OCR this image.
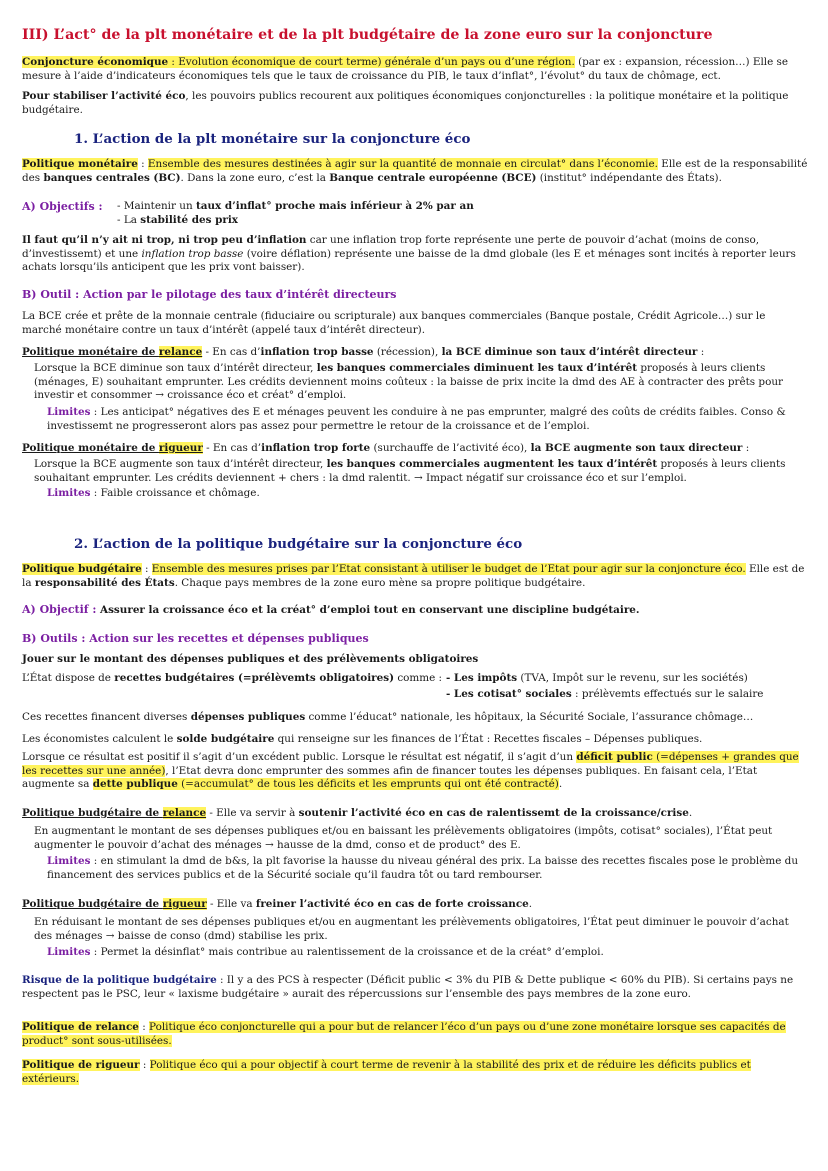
III) L’act° de la plt monétaire et de la plt budgétaire de la zone euro sur la conjoncture
Conjoncture économique : Evolution économique de court terme) générale d’un pays ou d’une région. (par ex : expansion, récession…) Elle se mesure à l’aide d’indicateurs économiques tels que le taux de croissance du PIB, le taux d’inflat°, l’évolut° du taux de chômage, ect.
Pour stabiliser l’activité éco, les pouvoirs publics recourent aux politiques économiques conjoncturelles : la politique monétaire et la politique budgétaire.
1. L’action de la plt monétaire sur la conjoncture éco
Politique monétaire : Ensemble des mesures destinées à agir sur la quantité de monnaie en circulat° dans l’économie. Elle est de la responsabilité des banques centrales (BC). Dans la zone euro, c’est la Banque centrale européenne (BCE) (institut° indépendante des États).
A) Objectifs : - Maintenir un taux d’inflat° proche mais inférieur à 2% par an
- La stabilité des prix
Il faut qu’il n’y ait ni trop, ni trop peu d’inflation car une inflation trop forte représente une perte de pouvoir d’achat (moins de conso, d’investissemt) et une inflation trop basse (voire déflation) représente une baisse de la dmd globale (les E et ménages sont incités à reporter leurs achats lorsqu’ils anticipent que les prix vont baisser).
B) Outil : Action par le pilotage des taux d’intérêt directeurs
La BCE crée et prête de la monnaie centrale (fiduciaire ou scripturale) aux banques commerciales (Banque postale, Crédit Agricole…) sur le marché monétaire contre un taux d’intérêt (appelé taux d’intérêt directeur).
Politique monétaire de relance - En cas d’inflation trop basse (récession), la BCE diminue son taux d’intérêt directeur :
Lorsque la BCE diminue son taux d’intérêt directeur, les banques commerciales diminuent les taux d’intérêt proposés à leurs clients (ménages, E) souhaitant emprunter. Les crédits deviennent moins coûteux : la baisse de prix incite la dmd des AE à contracter des prêts pour investir et consommer → croissance éco et créat° d’emploi.
Limites : Les anticipat° négatives des E et ménages peuvent les conduire à ne pas emprunter, malgré des coûts de crédits faibles. Conso & investissemt ne progresseront alors pas assez pour permettre le retour de la croissance et de l’emploi.
Politique monétaire de rigueur - En cas d’inflation trop forte (surchauffe de l’activité éco), la BCE augmente son taux directeur :
Lorsque la BCE augmente son taux d’intérêt directeur, les banques commerciales augmentent les taux d’intérêt proposés à leurs clients souhaitant emprunter. Les crédits deviennent + chers : la dmd ralentit. → Impact négatif sur croissance éco et sur l’emploi.
Limites : Faible croissance et chômage.
2. L’action de la politique budgétaire sur la conjoncture éco
Politique budgétaire : Ensemble des mesures prises par l’Etat consistant à utiliser le budget de l’Etat pour agir sur la conjoncture éco. Elle est de la responsabilité des États. Chaque pays membres de la zone euro mène sa propre politique budgétaire.
A) Objectif : Assurer la croissance éco et la créat° d’emploi tout en conservant une discipline budgétaire.
B) Outils : Action sur les recettes et dépenses publiques
Jouer sur le montant des dépenses publiques et des prélèvements obligatoires
L’État dispose de recettes budgétaires (=prélèvemts obligatoires) comme : - Les impôts (TVA, Impôt sur le revenu, sur les sociétés)
- Les cotisat° sociales : prélèvemts effectués sur le salaire
Ces recettes financent diverses dépenses publiques comme l’éducat° nationale, les hôpitaux, la Sécurité Sociale, l’assurance chômage…
Les économistes calculent le solde budgétaire qui renseigne sur les finances de l’État : Recettes fiscales – Dépenses publiques.
Lorsque ce résultat est positif il s’agit d’un excédent public. Lorsque le résultat est négatif, il s’agit d’un déficit public (=dépenses + grandes que les recettes sur une année), l’Etat devra donc emprunter des sommes afin de financer toutes les dépenses publiques. En faisant cela, l’Etat augmente sa dette publique (=accumulat° de tous les déficits et les emprunts qui ont été contracté).
Politique budgétaire de relance - Elle va servir à soutenir l’activité éco en cas de ralentissemt de la croissance/crise.
En augmentant le montant de ses dépenses publiques et/ou en baissant les prélèvements obligatoires (impôts, cotisat° sociales), l’État peut augmenter le pouvoir d’achat des ménages → hausse de la dmd, conso et de product° des E.
Limites : en stimulant la dmd de b&s, la plt favorise la hausse du niveau général des prix. La baisse des recettes fiscales pose le problème du financement des services publics et de la Sécurité sociale qu’il faudra tôt ou tard rembourser.
Politique budgétaire de rigueur - Elle va freiner l’activité éco en cas de forte croissance.
En réduisant le montant de ses dépenses publiques et/ou en augmentant les prélèvements obligatoires, l’État peut diminuer le pouvoir d’achat des ménages → baisse de conso (dmd) stabilise les prix.
Limites : Permet la désinflat° mais contribue au ralentissement de la croissance et de la créat° d’emploi.
Risque de la politique budgétaire : Il y a des PCS à respecter (Déficit public < 3% du PIB & Dette publique < 60% du PIB). Si certains pays ne respectent pas le PSC, leur « laxisme budgétaire » aurait des répercussions sur l’ensemble des pays membres de la zone euro.
Politique de relance : Politique éco conjoncturelle qui a pour but de relancer l’éco d’un pays ou d’une zone monétaire lorsque ses capacités de product° sont sous-utilisées.
Politique de rigueur : Politique éco qui a pour objectif à court terme de revenir à la stabilité des prix et de réduire les déficits publics et extérieurs.
